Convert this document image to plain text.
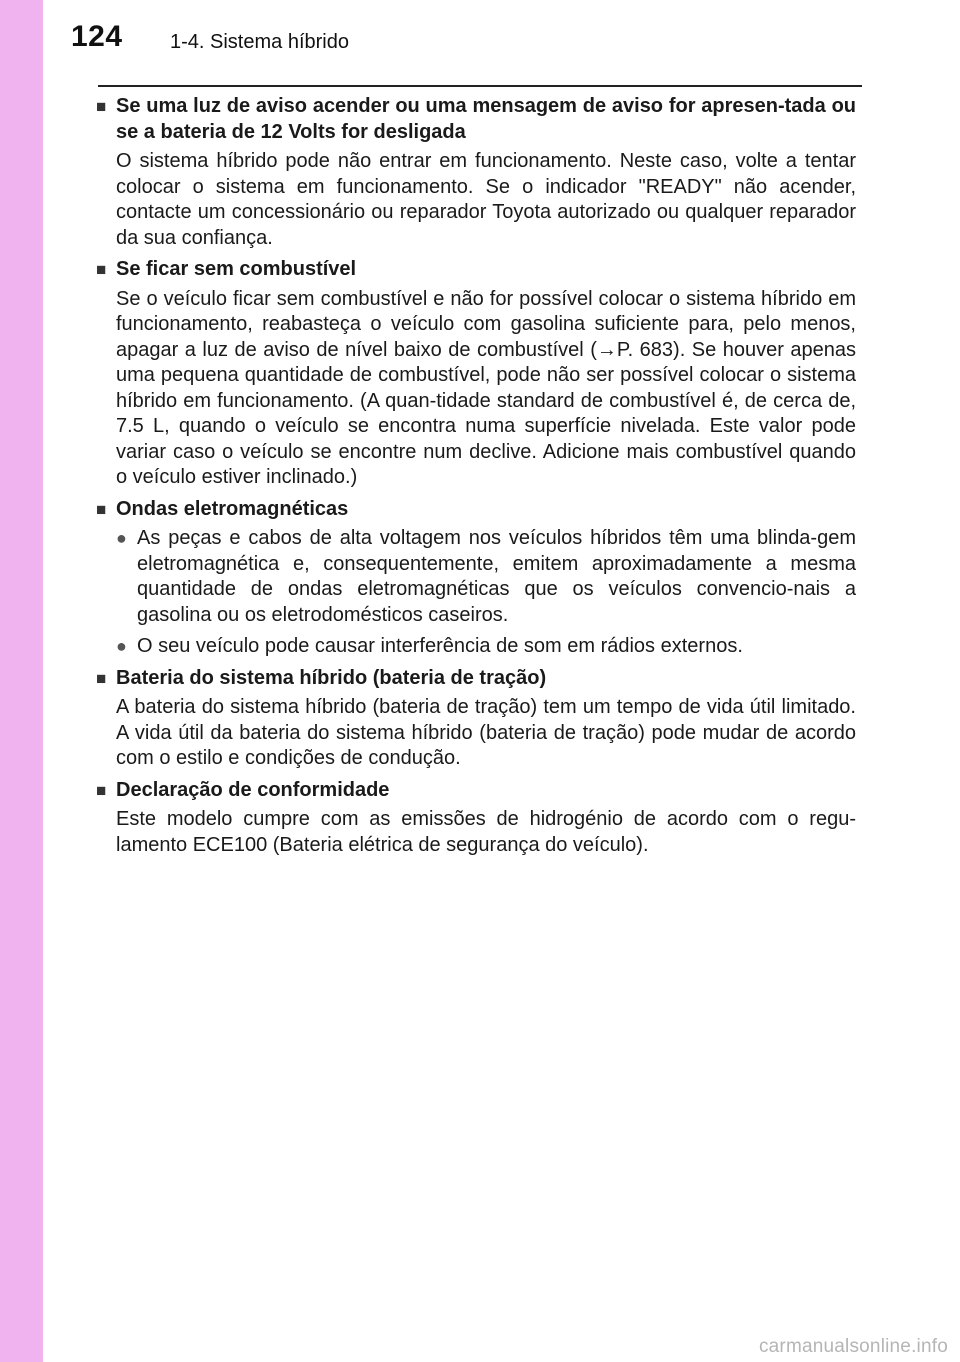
124 1-4. Sistema híbrido
■ Se uma luz de aviso acender ou uma mensagem de aviso for apresen-tada ou se a bateria de 12 Volts for desligada
O sistema híbrido pode não entrar em funcionamento. Neste caso, volte a tentar colocar o sistema em funcionamento. Se o indicador "READY" não acender, contacte um concessionário ou reparador Toyota autorizado ou qualquer reparador da sua confiança.
■ Se ficar sem combustível
Se o veículo ficar sem combustível e não for possível colocar o sistema híbrido em funcionamento, reabasteça o veículo com gasolina suficiente para, pelo menos, apagar a luz de aviso de nível baixo de combustível (→P. 683). Se houver apenas uma pequena quantidade de combustível, pode não ser possível colocar o sistema híbrido em funcionamento. (A quan-tidade standard de combustível é, de cerca de, 7.5 L, quando o veículo se encontra numa superfície nivelada. Este valor pode variar caso o veículo se encontre num declive. Adicione mais combustível quando o veículo estiver inclinado.)
■ Ondas eletromagnéticas
● As peças e cabos de alta voltagem nos veículos híbridos têm uma blinda-gem eletromagnética e, consequentemente, emitem aproximadamente a mesma quantidade de ondas eletromagnéticas que os veículos convencio-nais a gasolina ou os eletrodomésticos caseiros.
● O seu veículo pode causar interferência de som em rádios externos.
■ Bateria do sistema híbrido (bateria de tração)
A bateria do sistema híbrido (bateria de tração) tem um tempo de vida útil limitado. A vida útil da bateria do sistema híbrido (bateria de tração) pode mudar de acordo com o estilo e condições de condução.
■ Declaração de conformidade
Este modelo cumpre com as emissões de hidrogénio de acordo com o regu-lamento ECE100 (Bateria elétrica de segurança do veículo).
carmanualsonline.info
